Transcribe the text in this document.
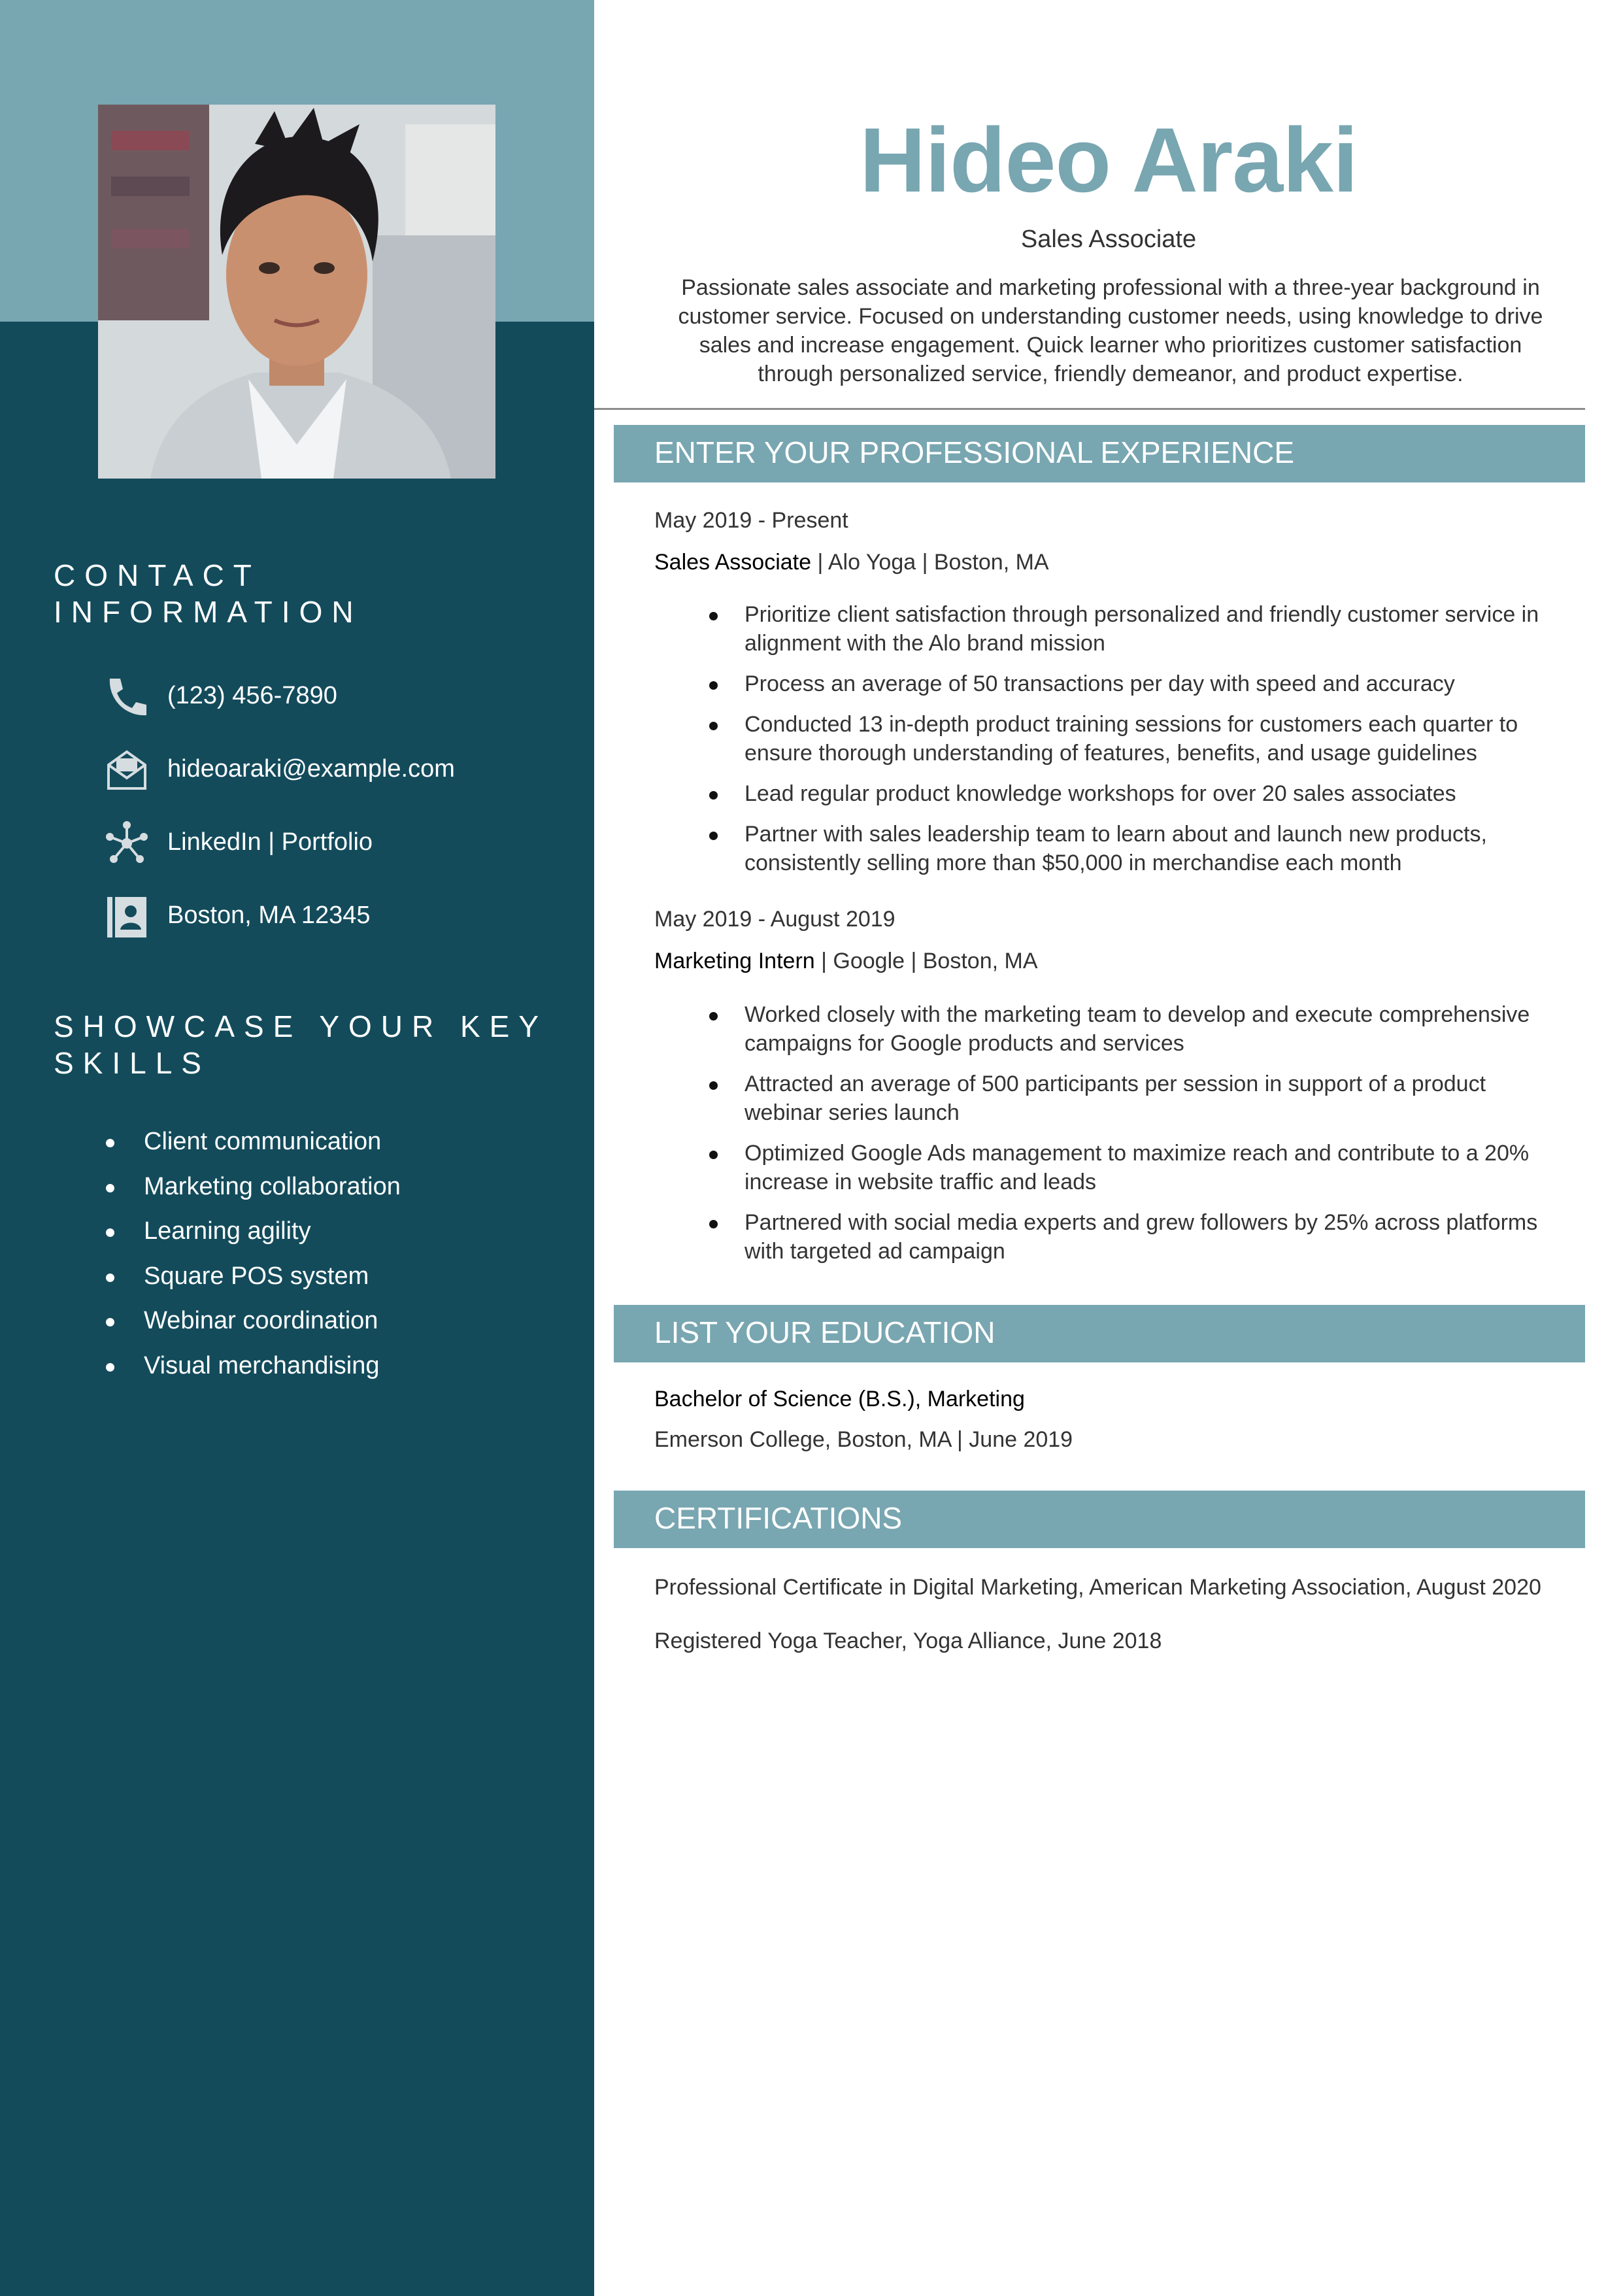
CONTACT INFORMATION
(123) 456-7890
hideoaraki@example.com
LinkedIn | Portfolio
Boston, MA 12345
SHOWCASE YOUR KEY SKILLS
Client communication
Marketing collaboration
Learning agility
Square POS system
Webinar coordination
Visual merchandising
Hideo Araki

Sales Associate

Passionate sales associate and marketing professional with a three-year background in customer service. Focused on understanding customer needs, using knowledge to drive sales and increase engagement. Quick learner who prioritizes customer satisfaction through personalized service, friendly demeanor, and product expertise.

ENTER YOUR PROFESSIONAL EXPERIENCE
May 2019 - Present
Sales Associate | Alo Yoga | Boston, MA
Prioritize client satisfaction through personalized and friendly customer service in alignment with the Alo brand mission
Process an average of 50 transactions per day with speed and accuracy
Conducted 13 in-depth product training sessions for customers each quarter to ensure thorough understanding of features, benefits, and usage guidelines
Lead regular product knowledge workshops for over 20 sales associates
Partner with sales leadership team to learn about and launch new products, consistently selling more than $50,000 in merchandise each month
May 2019 - August 2019
Marketing Intern | Google | Boston, MA
Worked closely with the marketing team to develop and execute comprehensive campaigns for Google products and services
Attracted an average of 500 participants per session in support of a product webinar series launch
Optimized Google Ads management to maximize reach and contribute to a 20% increase in website traffic and leads
Partnered with social media experts and grew followers by 25% across platforms with targeted ad campaign
LIST YOUR EDUCATION
Bachelor of Science (B.S.), Marketing
Emerson College, Boston, MA | June 2019
CERTIFICATIONS
Professional Certificate in Digital Marketing, American Marketing Association, August 2020
Registered Yoga Teacher, Yoga Alliance, June 2018
